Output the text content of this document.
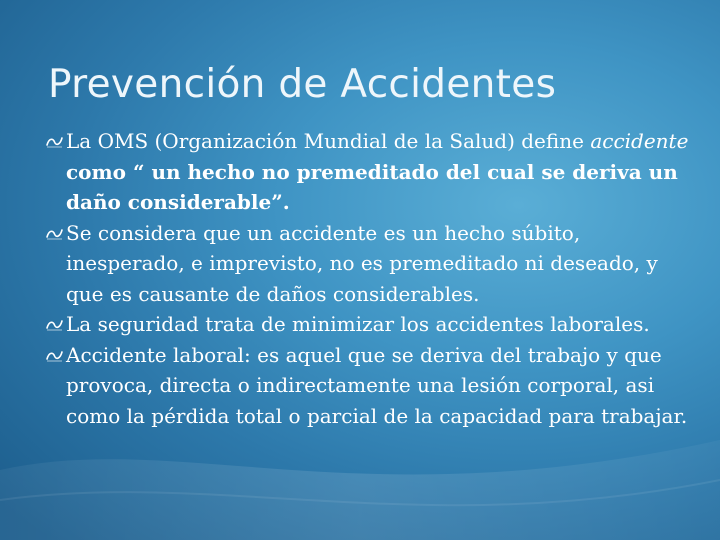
Prevención de Accidentes
La OMS (Organización Mundial de la Salud) define accidente como “ un hecho no premeditado del cual se deriva un daño considerable”.
Se considera que un accidente es un hecho súbito, inesperado, e imprevisto, no es premeditado ni deseado, y que es causante de daños considerables.
La seguridad trata de minimizar los accidentes laborales.
Accidente laboral: es aquel que se deriva del trabajo y que provoca, directa o indirectamente una lesión corporal, asi como la pérdida total o parcial de la capacidad para trabajar.
